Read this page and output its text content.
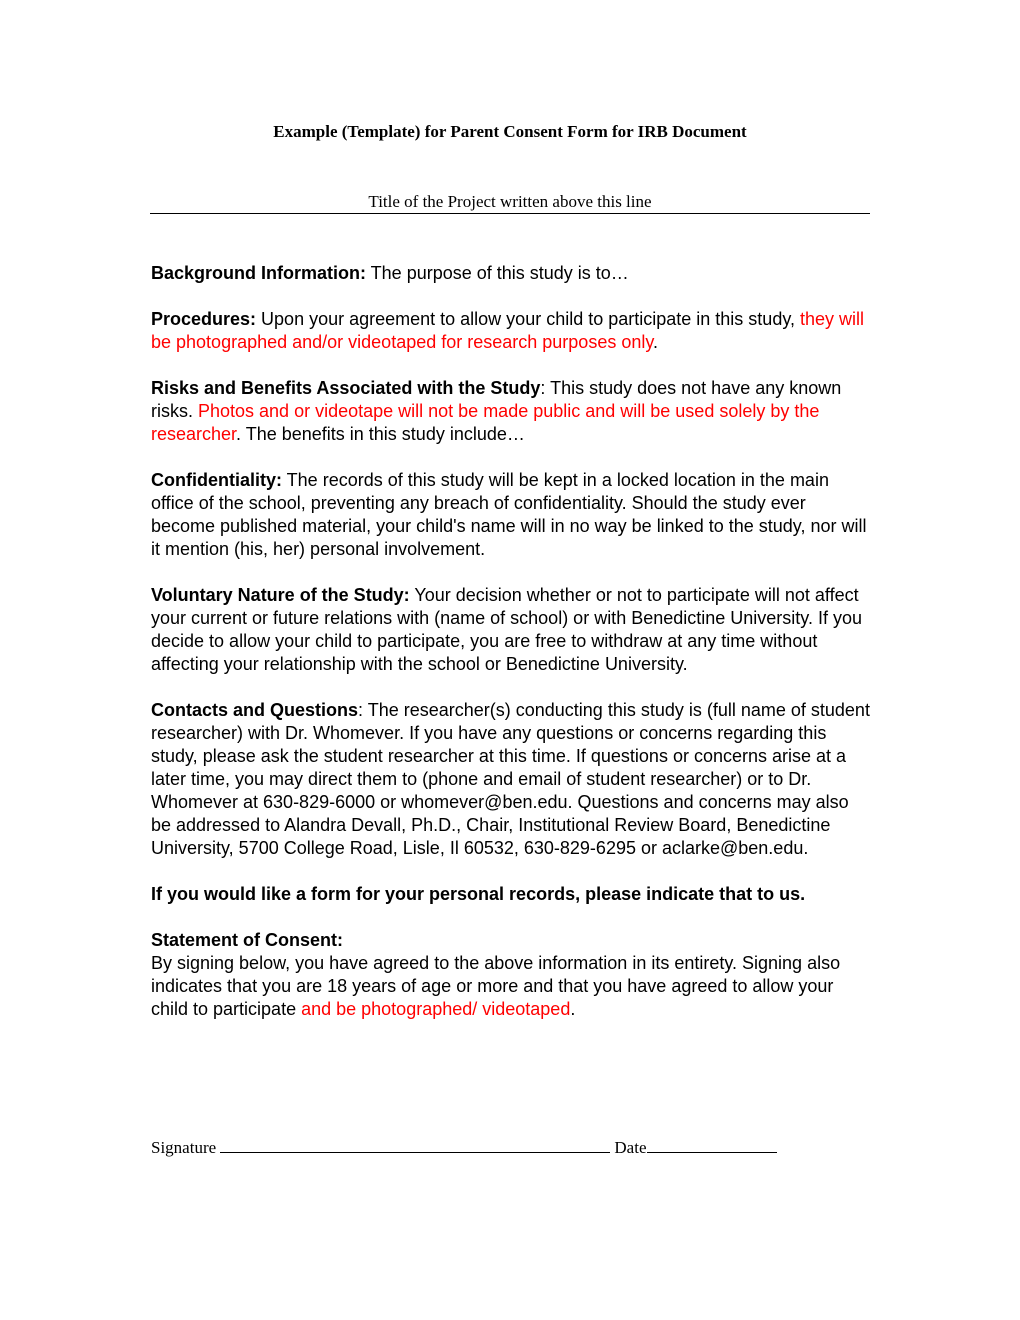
Example (Template) for Parent Consent Form for IRB Document
Title of the Project written above this line

Background Information: The purpose of this study is to…

Procedures: Upon your agreement to allow your child to participate in this study, they will be photographed and/or videotaped for research purposes only.

Risks and Benefits Associated with the Study: This study does not have any known risks. Photos and or videotape will not be made public and will be used solely by the researcher. The benefits in this study include…

Confidentiality: The records of this study will be kept in a locked location in the main office of the school, preventing any breach of confidentiality. Should the study ever become published material, your child's name will in no way be linked to the study, nor will it mention (his, her) personal involvement.

Voluntary Nature of the Study: Your decision whether or not to participate will not affect your current or future relations with (name of school) or with Benedictine University. If you decide to allow your child to participate, you are free to withdraw at any time without affecting your relationship with the school or Benedictine University.

Contacts and Questions: The researcher(s) conducting this study is (full name of student researcher) with Dr. Whomever. If you have any questions or concerns regarding this study, please ask the student researcher at this time. If questions or concerns arise at a later time, you may direct them to (phone and email of student researcher) or to Dr. Whomever at 630-829-6000 or whomever@ben.edu. Questions and concerns may also be addressed to Alandra Devall, Ph.D., Chair, Institutional Review Board, Benedictine University, 5700 College Road, Lisle, Il 60532, 630-829-6295 or aclarke@ben.edu.

If you would like a form for your personal records, please indicate that to us.

Statement of Consent:
By signing below, you have agreed to the above information in its entirety. Signing also indicates that you are 18 years of age or more and that you have agreed to allow your child to participate and be photographed/ videotaped.

Signature	Date
